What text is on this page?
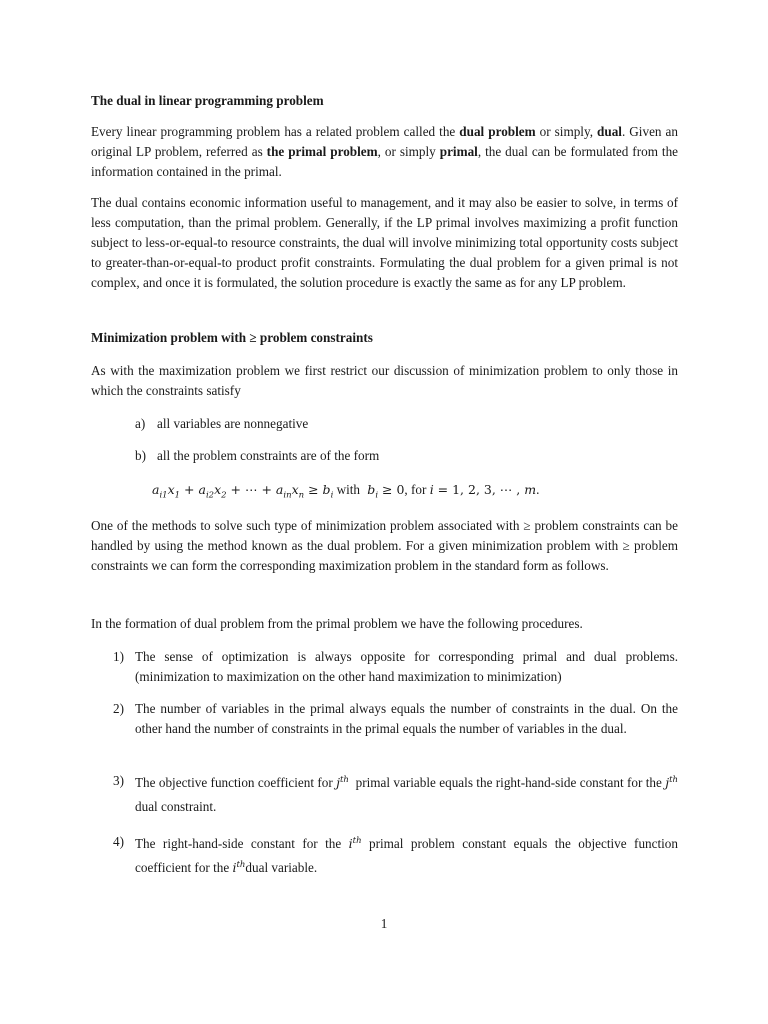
The dual in linear programming problem

Every linear programming problem has a related problem called the dual problem or simply, dual. Given an original LP problem, referred as the primal problem, or simply primal, the dual can be formulated from the information contained in the primal.

The dual contains economic information useful to management, and it may also be easier to solve, in terms of less computation, than the primal problem. Generally, if the LP primal involves maximizing a profit function subject to less-or-equal-to resource constraints, the dual will involve minimizing total opportunity costs subject to greater-than-or-equal-to product profit constraints. Formulating the dual problem for a given primal is not complex, and once it is formulated, the solution procedure is exactly the same as for any LP problem.

Minimization problem with ≥ problem constraints

As with the maximization problem we first restrict our discussion of minimization problem to only those in which the constraints satisfy

a) all variables are nonnegative
b) all the problem constraints are of the form
$a_{i1}x_1 + a_{i2}x_2$ + ⋯ + $a_{in}x_n \ge b_i$ with  $b_i \ge 0$, for i = 1, 2, 3, ⋯ , m.

One of the methods to solve such type of minimization problem associated with ≥ problem constraints can be handled by using the method known as the dual problem. For a given minimization problem with ≥ problem constraints we can form the corresponding maximization problem in the standard form as follows.

In the formation of dual problem from the primal problem we have the following procedures.

1) The sense of optimization is always opposite for corresponding primal and dual problems. (minimization to maximization on the other hand maximization to minimization)
2) The number of variables in the primal always equals the number of constraints in the dual. On the other hand the number of constraints in the primal equals the number of variables in the dual.
3) The objective function coefficient for $j^{th}$ primal variable equals the right-hand-side constant for the $j^{th}$ dual constraint.
4) The right-hand-side constant for the $i^{th}$ primal problem constant equals the objective function coefficient for the $i^{th}dual$ variable.
1
